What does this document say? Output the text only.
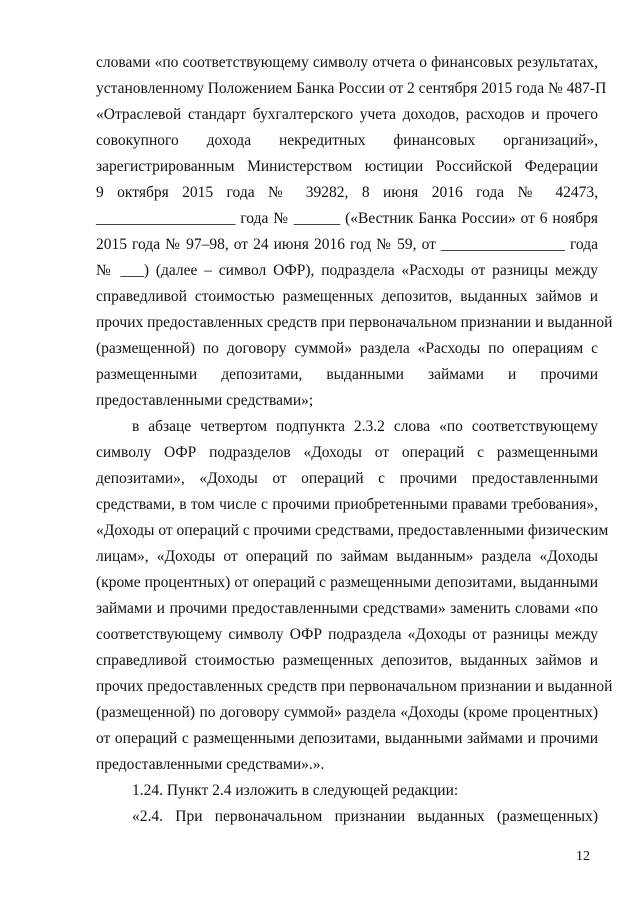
словами «по соответствующему символу отчета о финансовых результатах,
установленному Положением Банка России от 2 сентября 2015 года № 487-П
«Отраслевой стандарт бухгалтерского учета доходов, расходов и прочего
совокупного дохода некредитных финансовых организаций»,
зарегистрированным Министерством юстиции Российской Федерации
9 октября 2015 года № 39282, 8 июня 2016 года № 42473,
__________________ года № ______ («Вестник Банка России» от 6 ноября
2015 года № 97–98, от 24 июня 2016 год № 59, от ________________ года
№ ___) (далее – символ ОФР), подраздела «Расходы от разницы между
справедливой стоимостью размещенных депозитов, выданных займов и
прочих предоставленных средств при первоначальном признании и выданной
(размещенной) по договору суммой» раздела «Расходы по операциям с
размещенными депозитами, выданными займами и прочими
предоставленными средствами»;
в абзаце четвертом подпункта 2.3.2 слова «по соответствующему
символу ОФР подразделов «Доходы от операций с размещенными
депозитами», «Доходы от операций с прочими предоставленными
средствами, в том числе с прочими приобретенными правами требования»,
«Доходы от операций с прочими средствами, предоставленными физическим
лицам», «Доходы от операций по займам выданным» раздела «Доходы
(кроме процентных) от операций с размещенными депозитами, выданными
займами и прочими предоставленными средствами» заменить словами «по
соответствующему символу ОФР подраздела «Доходы от разницы между
справедливой стоимостью размещенных депозитов, выданных займов и
прочих предоставленных средств при первоначальном признании и выданной
(размещенной) по договору суммой» раздела «Доходы (кроме процентных)
от операций с размещенными депозитами, выданными займами и прочими
предоставленными средствами».».
1.24. Пункт 2.4 изложить в следующей редакции:
«2.4. При первоначальном признании выданных (размещенных)
12
